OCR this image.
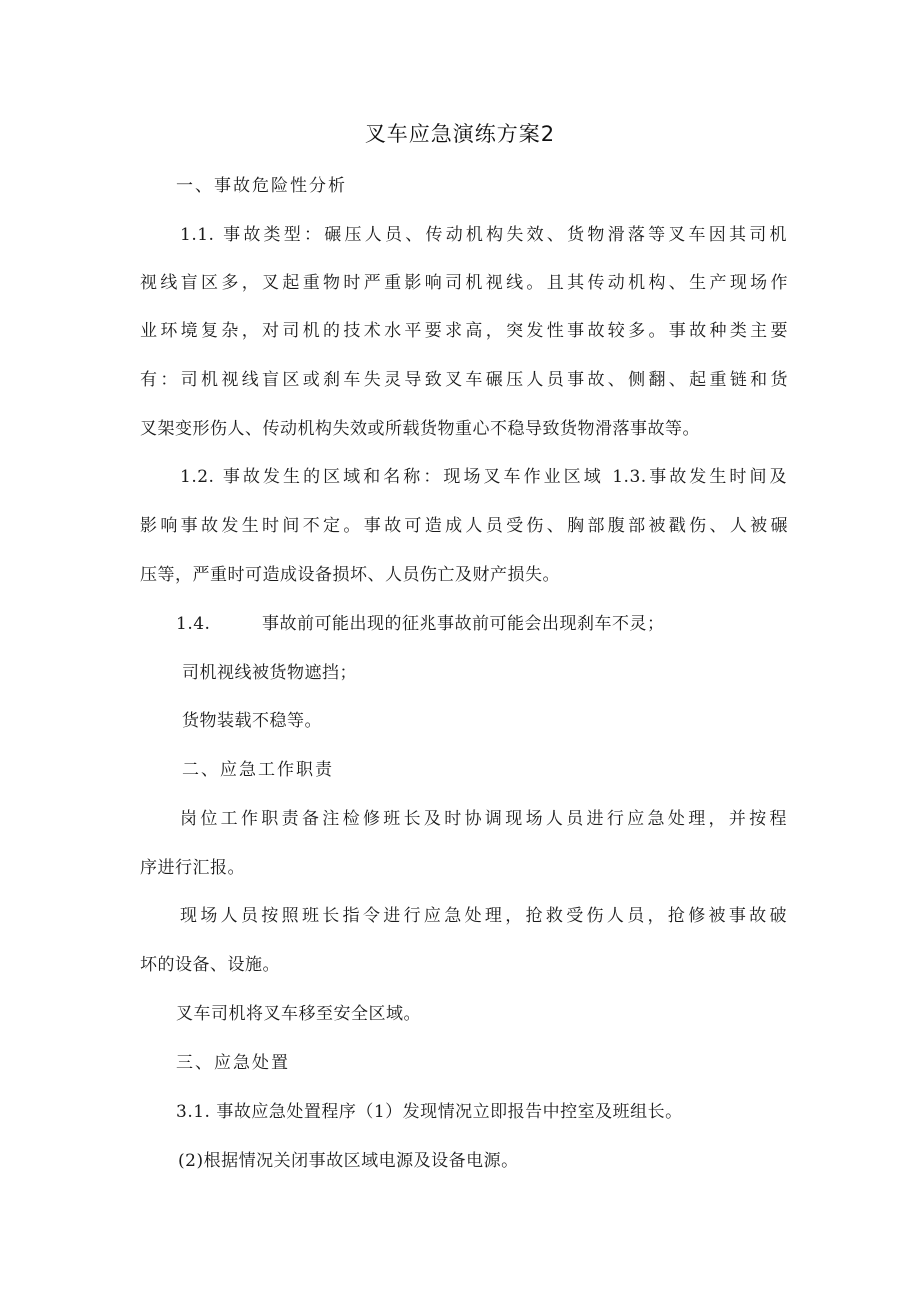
叉车应急演练方案2
一、事故危险性分析
1.1. 事故类型：碾压人员、传动机构失效、货物滑落等叉车因其司机
视线盲区多，叉起重物时严重影响司机视线。且其传动机构、生产现场作
业环境复杂，对司机的技术水平要求高，突发性事故较多。事故种类主要
有：司机视线盲区或刹车失灵导致叉车碾压人员事故、侧翻、起重链和货
叉架变形伤人、传动机构失效或所载货物重心不稳导致货物滑落事故等。
1.2. 事故发生的区域和名称：现场叉车作业区域 1.3.事故发生时间及
影响事故发生时间不定。事故可造成人员受伤、胸部腹部被戳伤、人被碾
压等，严重时可造成设备损坏、人员伤亡及财产损失。
1.4.	事故前可能出现的征兆事故前可能会出现刹车不灵；
司机视线被货物遮挡；
货物装载不稳等。
二、应急工作职责
岗位工作职责备注检修班长及时协调现场人员进行应急处理，并按程
序进行汇报。
现场人员按照班长指令进行应急处理，抢救受伤人员，抢修被事故破
坏的设备、设施。
叉车司机将叉车移至安全区域。
三、应急处置
3.1. 事故应急处置程序（1）发现情况立即报告中控室及班组长。
(2)根据情况关闭事故区域电源及设备电源。
